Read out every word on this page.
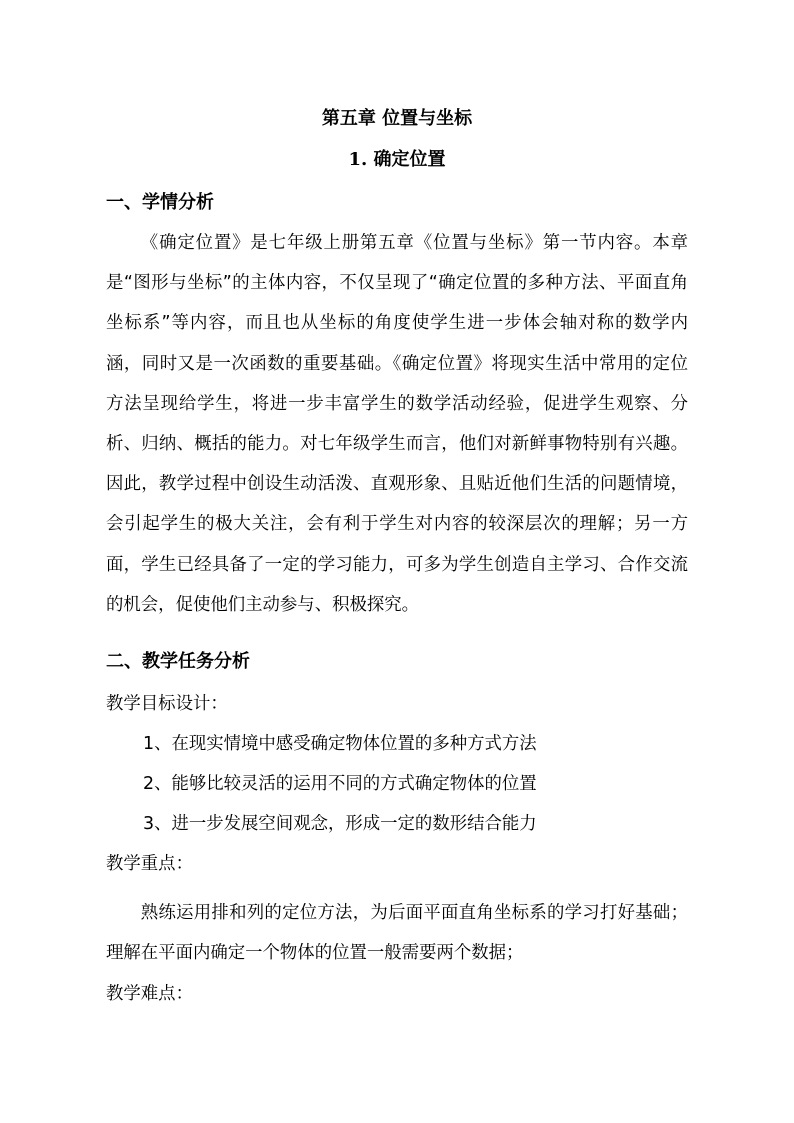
第五章 位置与坐标
1. 确定位置
一、学情分析
《确定位置》是七年级上册第五章《位置与坐标》第一节内容。本章是“图形与坐标”的主体内容，不仅呈现了“确定位置的多种方法、平面直角坐标系”等内容，而且也从坐标的角度使学生进一步体会轴对称的数学内涵，同时又是一次函数的重要基础。《确定位置》将现实生活中常用的定位方法呈现给学生，将进一步丰富学生的数学活动经验，促进学生观察、分析、归纳、概括的能力。对七年级学生而言，他们对新鲜事物特别有兴趣。因此，教学过程中创设生动活泼、直观形象、且贴近他们生活的问题情境，会引起学生的极大关注，会有利于学生对内容的较深层次的理解；另一方面，学生已经具备了一定的学习能力，可多为学生创造自主学习、合作交流的机会，促使他们主动参与、积极探究。
二、教学任务分析
教学目标设计：
1、在现实情境中感受确定物体位置的多种方式方法
2、能够比较灵活的运用不同的方式确定物体的位置
3、进一步发展空间观念，形成一定的数形结合能力
教学重点：
熟练运用排和列的定位方法，为后面平面直角坐标系的学习打好基础；理解在平面内确定一个物体的位置一般需要两个数据；
教学难点：
